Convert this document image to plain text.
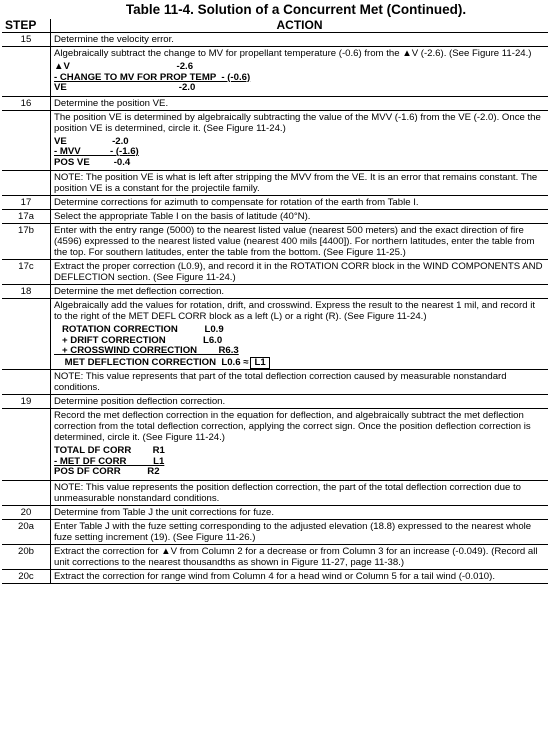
Table 11-4. Solution of a Concurrent Met (Continued).
STEP	ACTION
15	Determine the velocity error.

	Algebraically subtract the change to MV for propellant temperature (-0.6) from the ▲V (-2.6). (See Figure 11-24.)
▲V                                        -2.6
- CHANGE TO MV FOR PROP TEMP  - (-0.6)
VE                                          -2.0

16	Determine the position VE.

	The position VE is determined by algebraically subtracting the value of the MVV (-1.6) from the VE (-2.0). Once the position VE is determined, circle it. (See Figure 11-24.)
VE                 -2.0
- MVV           - (-1.6)
POS VE         -0.4

	NOTE: The position VE is what is left after stripping the MVV from the VE. It is an error that remains constant. The position VE is a constant for the projectile family.

17	Determine corrections for azimuth to compensate for rotation of the earth from Table I.

17a	Select the appropriate Table I on the basis of latitude (40°N).

17b	Enter with the entry range (5000) to the nearest listed value (nearest 500 meters) and the exact direction of fire (4596) expressed to the nearest listed value (nearest 400 mils [4400]). For northern latitudes, enter the table from the top. For southern latitudes, enter the table from the bottom. (See Figure 11-25.)

17c	Extract the proper correction (L0.9), and record it in the ROTATION CORR block in the WIND COMPONENTS AND DEFLECTION section. (See Figure 11-24.)

18	Determine the met deflection correction.

	Algebraically add the values for rotation, drift, and crosswind. Express the result to the nearest 1 mil, and record it to the right of the MET DEFL CORR block as a left (L) or a right (R). (See Figure 11-24.)
ROTATION CORRECTION          L0.9
+ DRIFT CORRECTION              L6.0
+ CROSSWIND CORRECTION        R6.3
MET DEFLECTION CORRECTION  L0.6 ≈ L1

	NOTE: This value represents that part of the total deflection correction caused by measurable nonstandard conditions.

19	Determine position deflection correction.

	Record the met deflection correction in the equation for deflection, and algebraically subtract the met deflection correction from the total deflection correction, applying the correct sign. Once the position deflection correction is determined, circle it. (See Figure 11-24.)
TOTAL DF CORR        R1
- MET DF CORR          L1
POS DF CORR          R2

	NOTE: This value represents the position deflection correction, the part of the total deflection correction due to unmeasurable nonstandard conditions.

20	Determine from Table J the unit corrections for fuze.

20a	Enter Table J with the fuze setting corresponding to the adjusted elevation (18.8) expressed to the nearest whole fuze setting increment (19). (See Figure 11-26.)

20b	Extract the correction for ▲V from Column 2 for a decrease or from Column 3 for an increase (-0.049). (Record all unit corrections to the nearest thousandths as shown in Figure 11-27, page 11-38.)

20c	Extract the correction for range wind from Column 4 for a head wind or Column 5 for a tail wind (-0.010).
